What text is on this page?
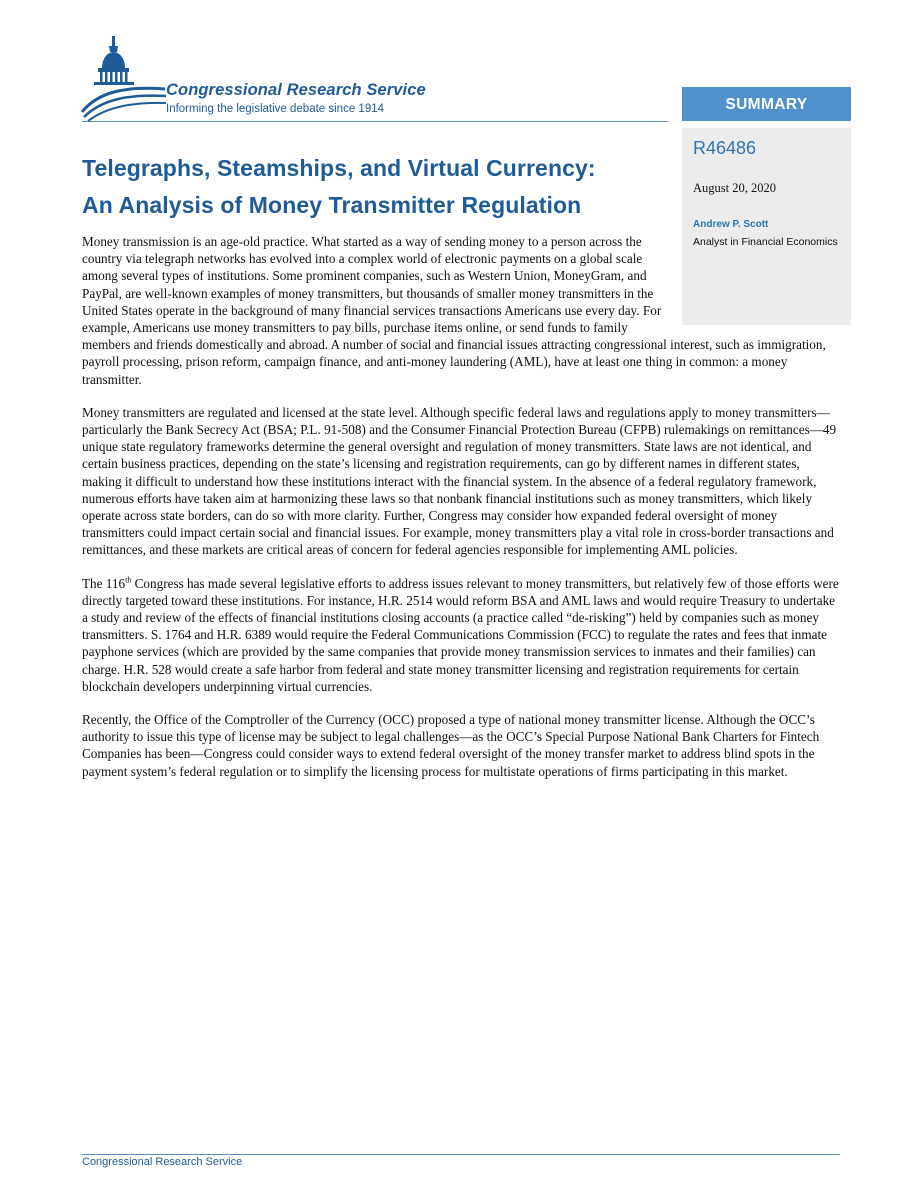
Congressional Research Service
Informing the legislative debate since 1914	SUMMARY
R46486
August 20, 2020
Andrew P. Scott
Analyst in Financial Economics
Telegraphs, Steamships, and Virtual Currency:
An Analysis of Money Transmitter Regulation

Money transmission is an age-old practice. What started as a way of sending money to a person across the country via telegraph networks has evolved into a complex world of electronic payments on a global scale among several types of institutions. Some prominent companies, such as Western Union, MoneyGram, and PayPal, are well-known examples of money transmitters, but thousands of smaller money transmitters in the United States operate in the background of many financial services transactions Americans use every day. For example, Americans use money transmitters to pay bills, purchase items online, or send funds to family members and friends domestically and abroad. A number of social and financial issues attracting congressional interest, such as immigration, payroll processing, prison reform, campaign finance, and anti-money laundering (AML), have at least one thing in common: a money transmitter.

Money transmitters are regulated and licensed at the state level. Although specific federal laws and regulations apply to money transmitters—particularly the Bank Secrecy Act (BSA; P.L. 91-508) and the Consumer Financial Protection Bureau (CFPB) rulemakings on remittances—49 unique state regulatory frameworks determine the general oversight and regulation of money transmitters. State laws are not identical, and certain business practices, depending on the state’s licensing and registration requirements, can go by different names in different states, making it difficult to understand how these institutions interact with the financial system. In the absence of a federal regulatory framework, numerous efforts have taken aim at harmonizing these laws so that nonbank financial institutions such as money transmitters, which likely operate across state borders, can do so with more clarity. Further, Congress may consider how expanded federal oversight of money transmitters could impact certain social and financial issues. For example, money transmitters play a vital role in cross-border transactions and remittances, and these markets are critical areas of concern for federal agencies responsible for implementing AML policies.

The 116th Congress has made several legislative efforts to address issues relevant to money transmitters, but relatively few of those efforts were directly targeted toward these institutions. For instance, H.R. 2514 would reform BSA and AML laws and would require Treasury to undertake a study and review of the effects of financial institutions closing accounts (a practice called “de-risking”) held by companies such as money transmitters. S. 1764 and H.R. 6389 would require the Federal Communications Commission (FCC) to regulate the rates and fees that inmate payphone services (which are provided by the same companies that provide money transmission services to inmates and their families) can charge. H.R. 528 would create a safe harbor from federal and state money transmitter licensing and registration requirements for certain blockchain developers underpinning virtual currencies.

Recently, the Office of the Comptroller of the Currency (OCC) proposed a type of national money transmitter license. Although the OCC’s authority to issue this type of license may be subject to legal challenges—as the OCC’s Special Purpose National Bank Charters for Fintech Companies has been—Congress could consider ways to extend federal oversight of the money transfer market to address blind spots in the payment system’s federal regulation or to simplify the licensing process for multistate operations of firms participating in this market.

Congressional Research Service
